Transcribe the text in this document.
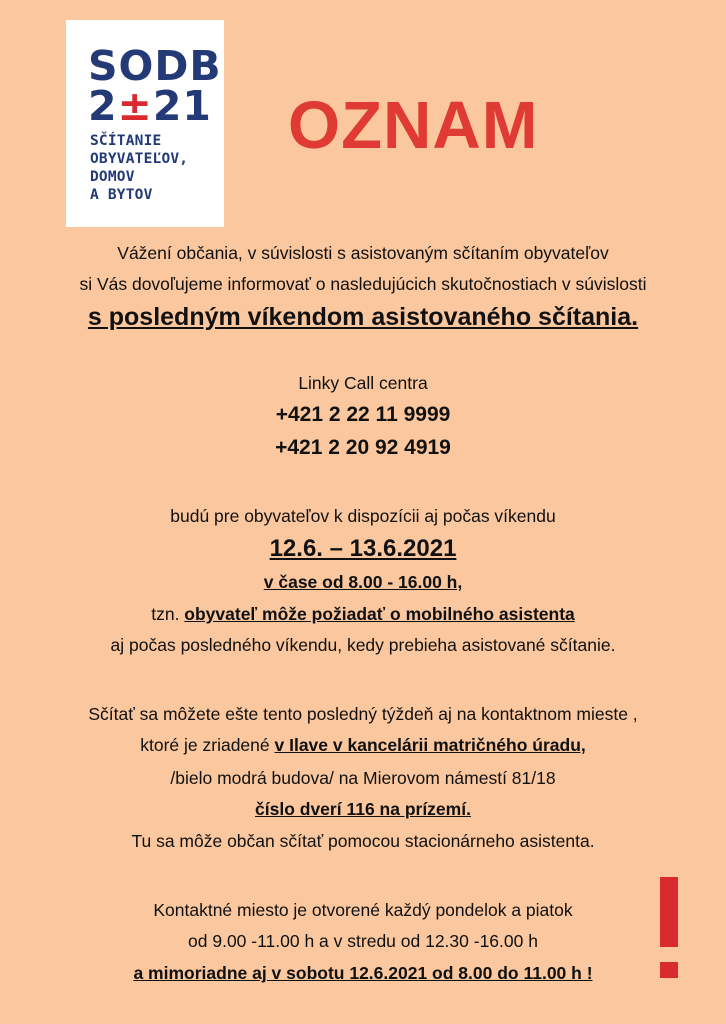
SODB
2±21
SČÍTANIE
OBYVATEĽOV,
DOMOV
A BYTOV
OZNAM
Vážení občania, v súvislosti s asistovaným sčítaním obyvateľov
si Vás dovoľujeme informovať o nasledujúcich skutočnostiach v súvislosti
s posledným víkendom asistovaného sčítania.
Linky Call centra
+421 2 22 11 9999
+421 2 20 92 4919
budú pre obyvateľov k dispozícii aj počas víkendu
12.6. – 13.6.2021
v čase od 8.00 - 16.00 h,
tzn. obyvateľ môže požiadať o mobilného asistenta
aj počas posledného víkendu, kedy prebieha asistované sčítanie.
Sčítať sa môžete ešte tento posledný týždeň aj na kontaktnom mieste ,
ktoré je zriadené v Ilave v kancelárii matričného úradu,
/bielo modrá budova/ na Mierovom námestí 81/18
číslo dverí 116 na prízemí.
Tu sa môže občan sčítať pomocou stacionárneho asistenta.
Kontaktné miesto je otvorené každý pondelok a piatok
od 9.00 -11.00 h a v stredu od 12.30 -16.00 h
a mimoriadne aj v sobotu 12.6.2021 od 8.00 do 11.00 h !
